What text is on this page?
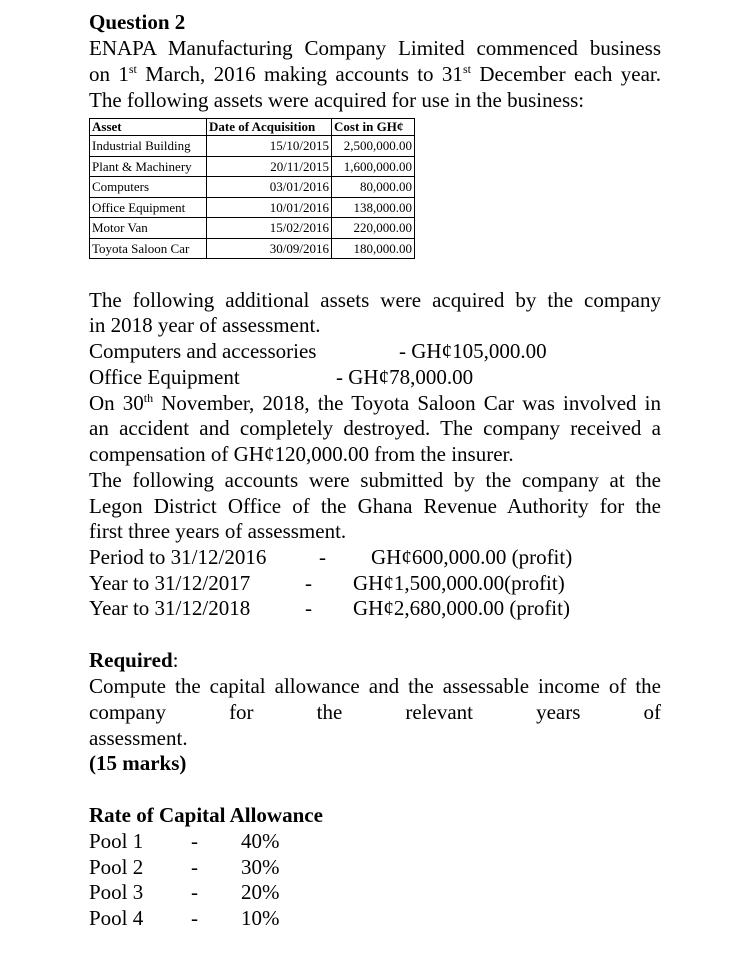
Question 2
ENAPA Manufacturing Company Limited commenced business
on 1st March, 2016 making accounts to 31st December each year.
The following assets were acquired for use in the business:
Asset	Date of Acquisition	Cost in GH¢
Industrial Building	15/10/2015	2,500,000.00
Plant & Machinery	20/11/2015	1,600,000.00
Computers	03/01/2016	80,000.00
Office Equipment	10/01/2016	138,000.00
Motor Van	15/02/2016	220,000.00
Toyota Saloon Car	30/09/2016	180,000.00
The following additional assets were acquired by the company
in 2018 year of assessment.
Computers and accessories	- GH¢105,000.00
Office Equipment	- GH¢78,000.00
On 30th November, 2018, the Toyota Saloon Car was involved in
an accident and completely destroyed. The company received a
compensation of GH¢120,000.00 from the insurer.
The following accounts were submitted by the company at the
Legon District Office of the Ghana Revenue Authority for the
first three years of assessment.
Period to 31/12/2016	- GH¢600,000.00 (profit)
Year to 31/12/2017	- GH¢1,500,000.00(profit)
Year to 31/12/2018	- GH¢2,680,000.00 (profit)
Required:
Compute the capital allowance and the assessable income of the
company for the relevant years of
assessment.
(15 marks)
Rate of Capital Allowance
Pool 1 - 40%
Pool 2 - 30%
Pool 3 - 20%
Pool 4 - 10%
